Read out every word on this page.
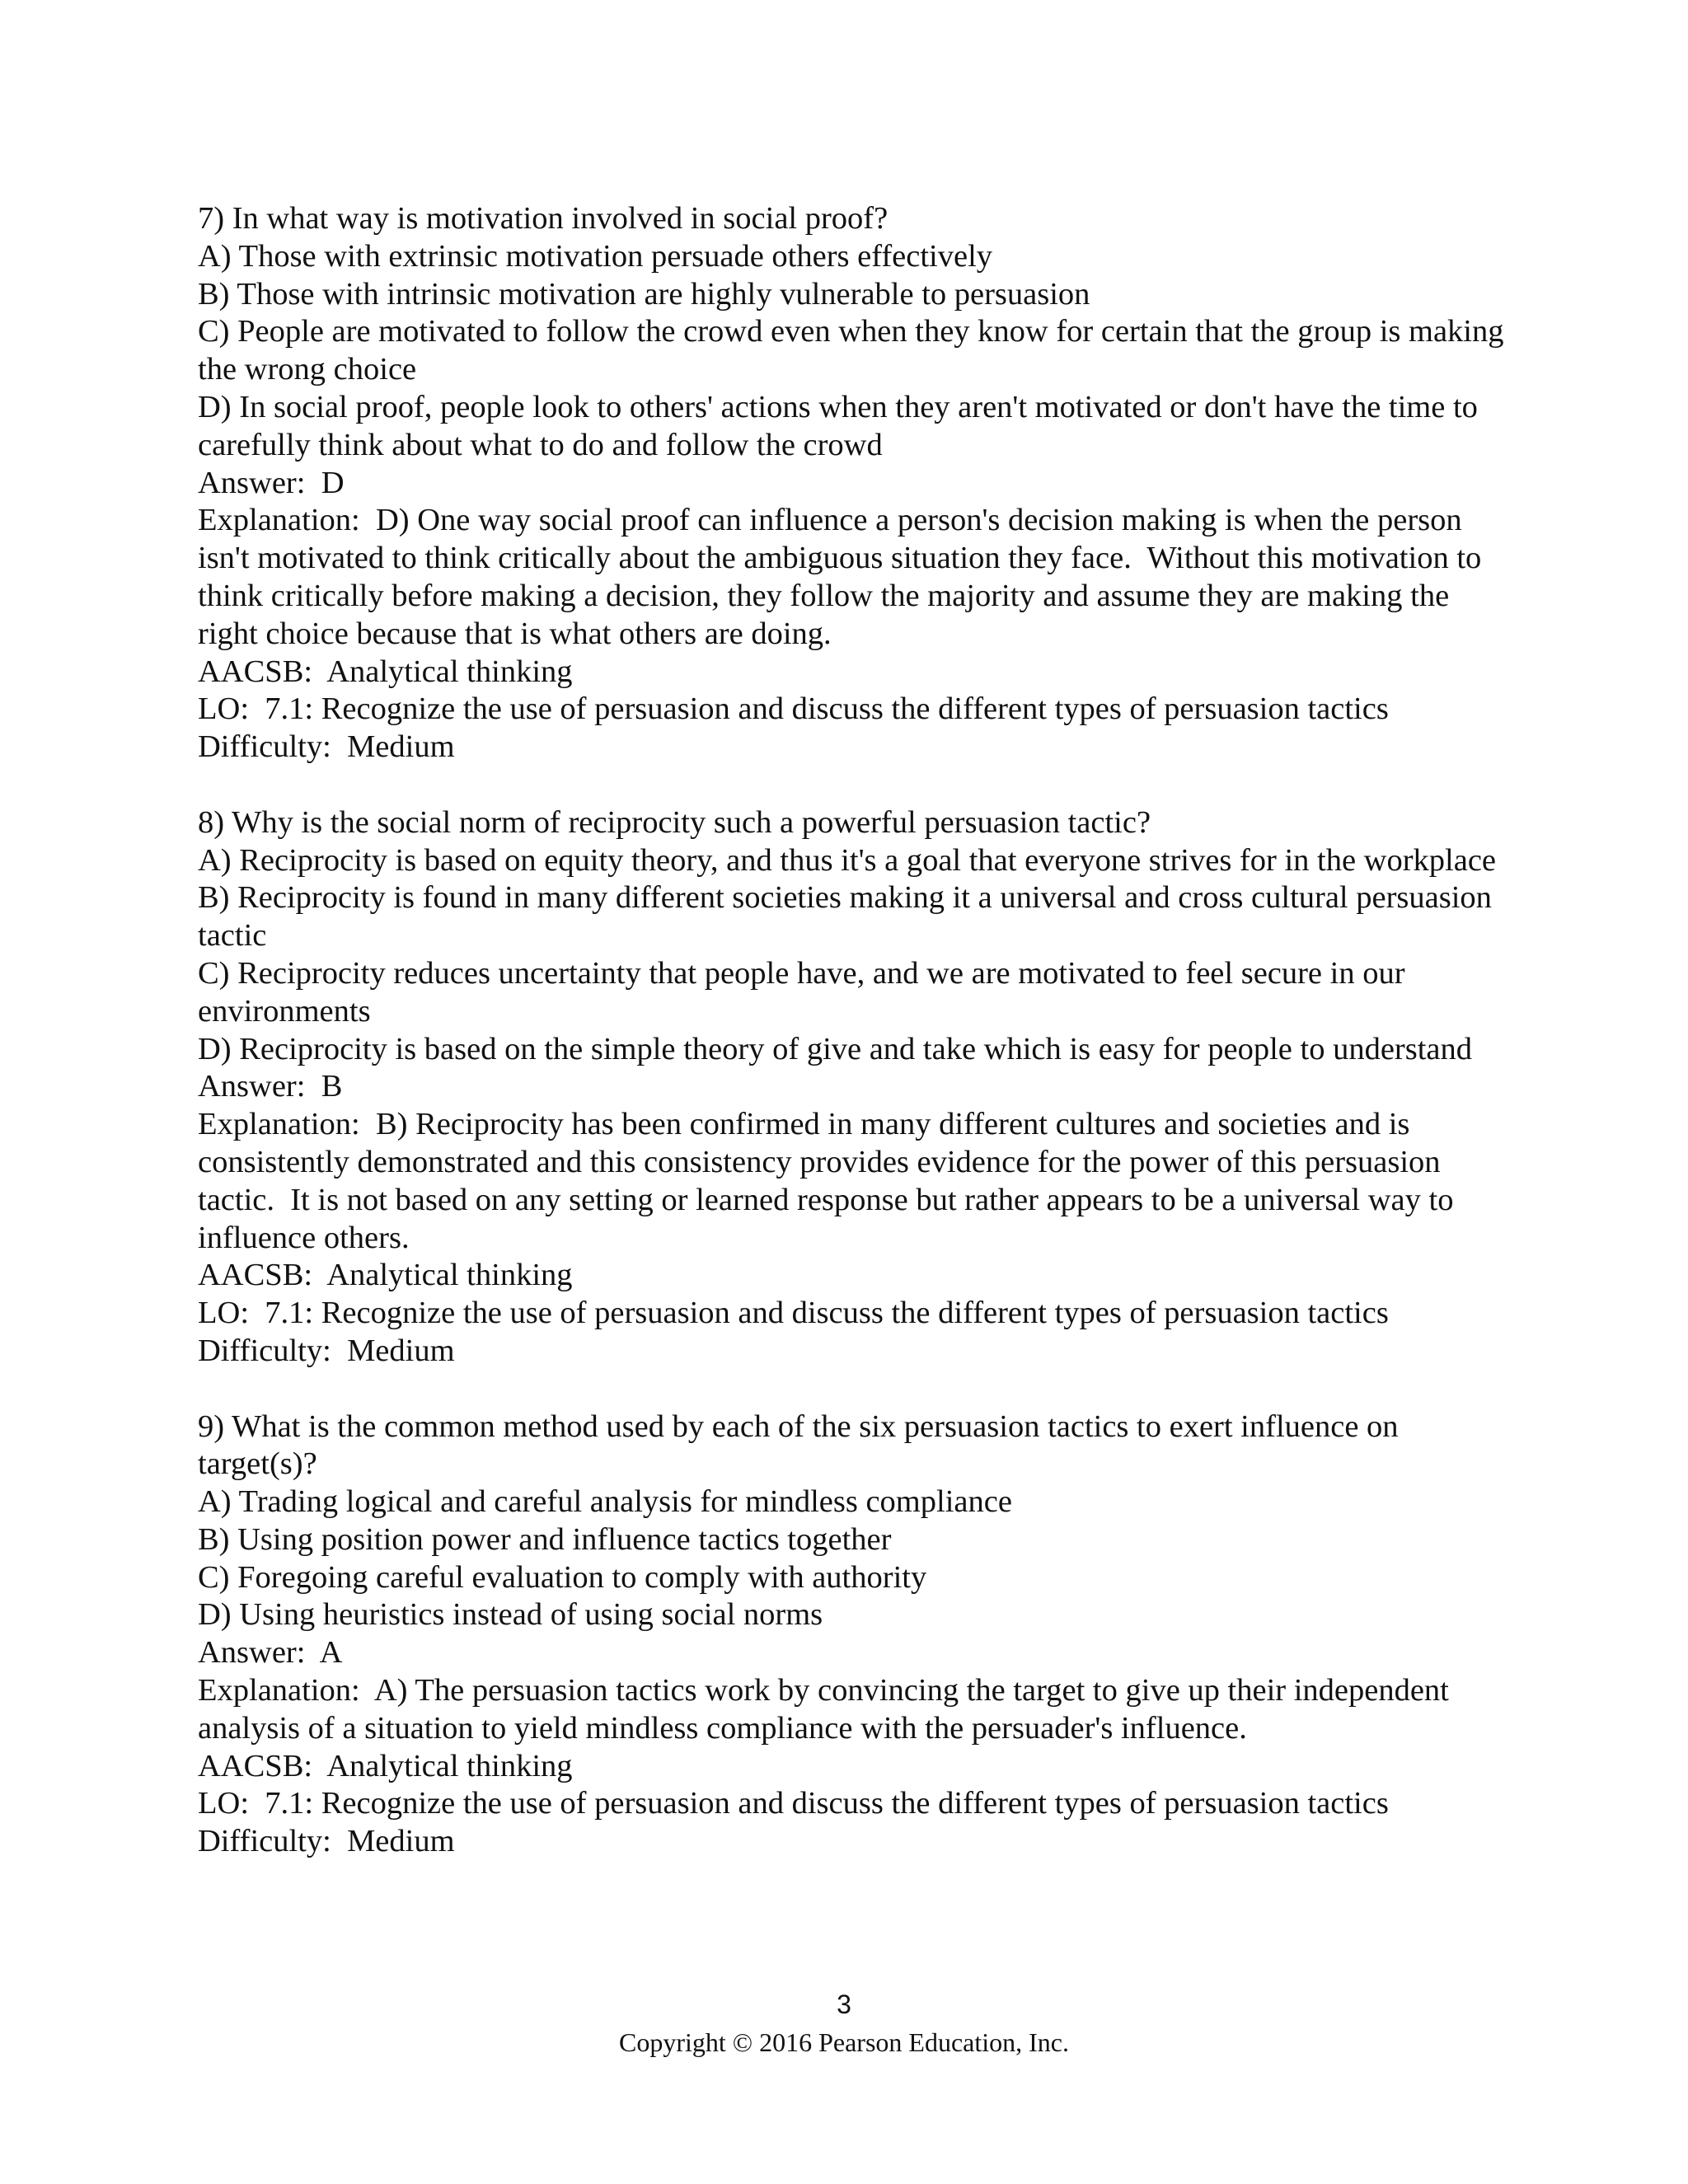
7) In what way is motivation involved in social proof?

A) Those with extrinsic motivation persuade others effectively

B) Those with intrinsic motivation are highly vulnerable to persuasion

C) People are motivated to follow the crowd even when they know for certain that the group is making the wrong choice

D) In social proof, people look to others' actions when they aren't motivated or don't have the time to carefully think about what to do and follow the crowd

Answer:  D

Explanation:  D) One way social proof can influence a person's decision making is when the person isn't motivated to think critically about the ambiguous situation they face.  Without this motivation to think critically before making a decision, they follow the majority and assume they are making the right choice because that is what others are doing.

AACSB:  Analytical thinking

LO:  7.1: Recognize the use of persuasion and discuss the different types of persuasion tactics

Difficulty:  Medium

8) Why is the social norm of reciprocity such a powerful persuasion tactic?

A) Reciprocity is based on equity theory, and thus it's a goal that everyone strives for in the workplace

B) Reciprocity is found in many different societies making it a universal and cross cultural persuasion tactic

C) Reciprocity reduces uncertainty that people have, and we are motivated to feel secure in our environments

D) Reciprocity is based on the simple theory of give and take which is easy for people to understand

Answer:  B

Explanation:  B) Reciprocity has been confirmed in many different cultures and societies and is consistently demonstrated and this consistency provides evidence for the power of this persuasion tactic.  It is not based on any setting or learned response but rather appears to be a universal way to influence others.

AACSB:  Analytical thinking

LO:  7.1: Recognize the use of persuasion and discuss the different types of persuasion tactics

Difficulty:  Medium

9) What is the common method used by each of the six persuasion tactics to exert influence on target(s)?

A) Trading logical and careful analysis for mindless compliance

B) Using position power and influence tactics together

C) Foregoing careful evaluation to comply with authority

D) Using heuristics instead of using social norms

Answer:  A

Explanation:  A) The persuasion tactics work by convincing the target to give up their independent analysis of a situation to yield mindless compliance with the persuader's influence.

AACSB:  Analytical thinking

LO:  7.1: Recognize the use of persuasion and discuss the different types of persuasion tactics

Difficulty:  Medium

3
Copyright © 2016 Pearson Education, Inc.
